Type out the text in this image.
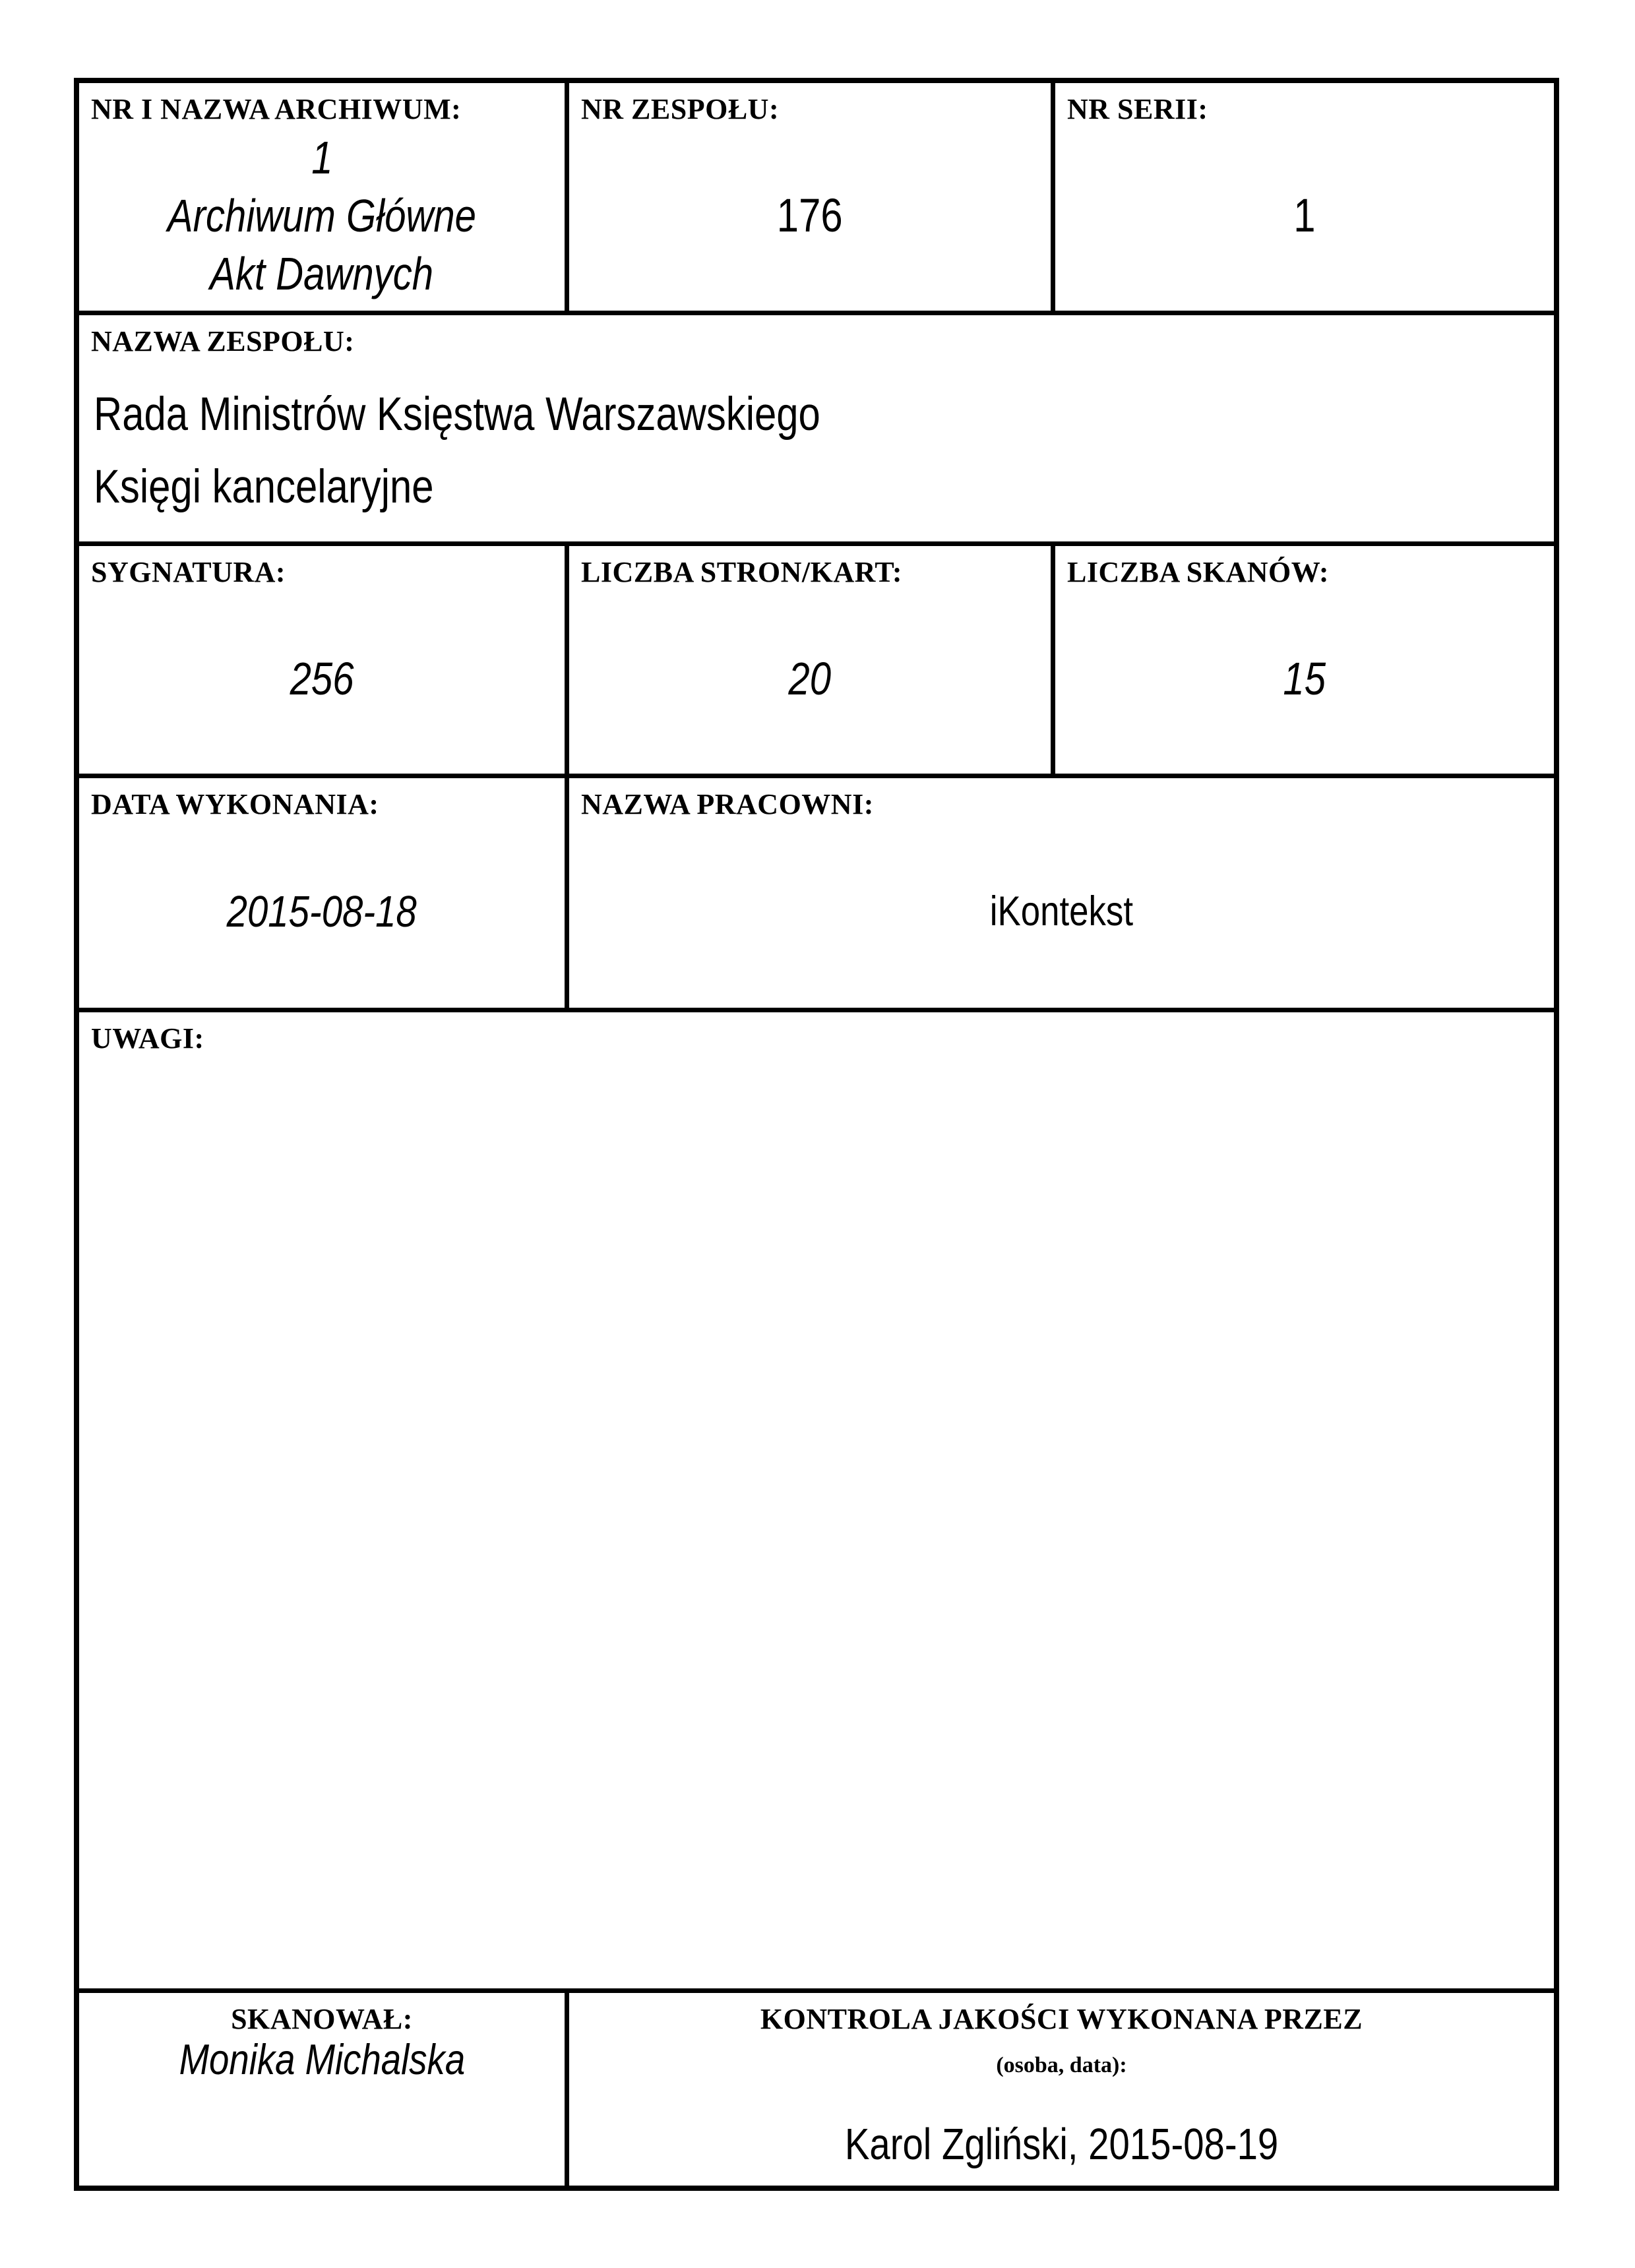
NR I NAZWA ARCHIWUM:
1
Archiwum Główne
Akt Dawnych
NR ZESPOŁU:
176
NR SERII:
1
NAZWA ZESPOŁU:
Rada Ministrów Księstwa Warszawskiego
Księgi kancelaryjne
SYGNATURA:
256
LICZBA STRON/KART:
20
LICZBA SKANÓW:
15
DATA WYKONANIA:
2015-08-18
NAZWA PRACOWNI:
iKontekst
UWAGI:
SKANOWAŁ:
Monika Michalska
KONTROLA JAKOŚCI WYKONANA PRZEZ
(osoba, data):
Karol Zgliński, 2015-08-19
